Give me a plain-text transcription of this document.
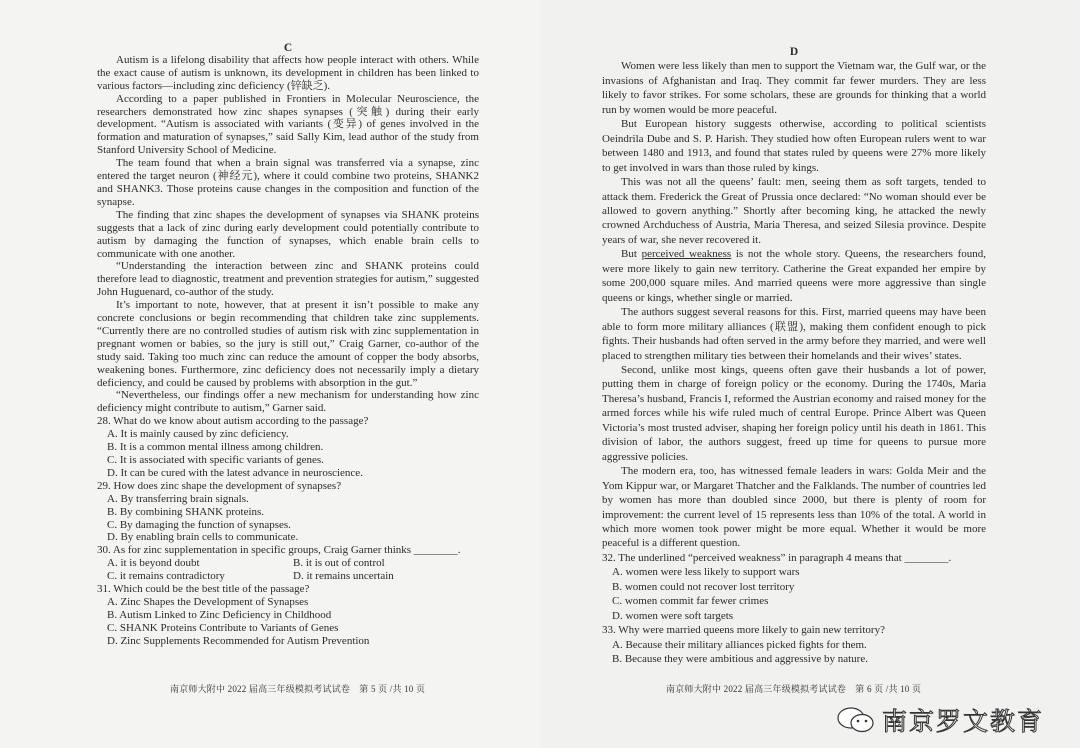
C

Autism is a lifelong disability that affects how people interact with others. While the exact cause of autism is unknown, its development in children has been linked to various factors—including zinc deficiency (锌缺乏).

According to a paper published in Frontiers in Molecular Neuroscience, the researchers demonstrated how zinc shapes synapses (突触) during their early development. “Autism is associated with variants (变异) of genes involved in the formation and maturation of synapses,” said Sally Kim, lead author of the study from Stanford University School of Medicine.

The team found that when a brain signal was transferred via a synapse, zinc entered the target neuron (神经元), where it could combine two proteins, SHANK2 and SHANK3. Those proteins cause changes in the composition and function of the synapse.

The finding that zinc shapes the development of synapses via SHANK proteins suggests that a lack of zinc during early development could potentially contribute to autism by damaging the function of synapses, which enable brain cells to communicate with one another.

“Understanding the interaction between zinc and SHANK proteins could therefore lead to diagnostic, treatment and prevention strategies for autism,” suggested John Huguenard, co-author of the study.

It’s important to note, however, that at present it isn’t possible to make any concrete conclusions or begin recommending that children take zinc supplements. “Currently there are no controlled studies of autism risk with zinc supplementation in pregnant women or babies, so the jury is still out,” Craig Garner, co-author of the study said. Taking too much zinc can reduce the amount of copper the body absorbs, weakening bones. Furthermore, zinc deficiency does not necessarily imply a dietary deficiency, and could be caused by problems with absorption in the gut.”

“Nevertheless, our findings offer a new mechanism for understanding how zinc deficiency might contribute to autism,” Garner said.

28. What do we know about autism according to the passage?

A. It is mainly caused by zinc deficiency.

B. It is a common mental illness among children.

C. It is associated with specific variants of genes.

D. It can be cured with the latest advance in neuroscience.

29. How does zinc shape the development of synapses?

A. By transferring brain signals.

B. By combining SHANK proteins.

C. By damaging the function of synapses.

D. By enabling brain cells to communicate.

30. As for zinc supplementation in specific groups, Craig Garner thinks ________.

A. it is beyond doubt	B. it is out of control
C. it remains contradictory	D. it remains uncertain

31. Which could be the best title of the passage?

A. Zinc Shapes the Development of Synapses

B. Autism Linked to Zinc Deficiency in Childhood

C. SHANK Proteins Contribute to Variants of Genes

D. Zinc Supplements Recommended for Autism Prevention

D

Women were less likely than men to support the Vietnam war, the Gulf war, or the invasions of Afghanistan and Iraq. They commit far fewer murders. They are less likely to favor strikes. For some scholars, these are grounds for thinking that a world run by women would be more peaceful.

But European history suggests otherwise, according to political scientists Oeindrila Dube and S. P. Harish. They studied how often European rulers went to war between 1480 and 1913, and found that states ruled by queens were 27% more likely to get involved in wars than those ruled by kings.

This was not all the queens’ fault: men, seeing them as soft targets, tended to attack them. Frederick the Great of Prussia once declared: “No woman should ever be allowed to govern anything.” Shortly after becoming king, he attacked the newly crowned Archduchess of Austria, Maria Theresa, and seized Silesia province. Despite years of war, she never recovered it.

But perceived weakness is not the whole story. Queens, the researchers found, were more likely to gain new territory. Catherine the Great expanded her empire by some 200,000 square miles. And married queens were more aggressive than single queens or kings, whether single or married.

The authors suggest several reasons for this. First, married queens may have been able to form more military alliances (联盟), making them confident enough to pick fights. Their husbands had often served in the army before they married, and were well placed to strengthen military ties between their homelands and their wives’ states.

Second, unlike most kings, queens often gave their husbands a lot of power, putting them in charge of foreign policy or the economy. During the 1740s, Maria Theresa’s husband, Francis I, reformed the Austrian economy and raised money for the armed forces while his wife ruled much of central Europe. Prince Albert was Queen Victoria’s most trusted adviser, shaping her foreign policy until his death in 1861. This division of labor, the authors suggest, freed up time for queens to pursue more aggressive policies.

The modern era, too, has witnessed female leaders in wars: Golda Meir and the Yom Kippur war, or Margaret Thatcher and the Falklands. The number of countries led by women has more than doubled since 2000, but there is plenty of room for improvement: the current level of 15 represents less than 10% of the total. A world in which more women took power might be more equal. Whether it would be more peaceful is a different question.

32. The underlined “perceived weakness” in paragraph 4 means that ________.

A. women were less likely to support wars

B. women could not recover lost territory

C. women commit far fewer crimes

D. women were soft targets

33. Why were married queens more likely to gain new territory?

A. Because their military alliances picked fights for them.

B. Because they were ambitious and aggressive by nature.

南京师大附中 2022 届高三年级模拟考试试卷　第 5 页 /共 10 页	南京师大附中 2022 届高三年级模拟考试试卷　第 6 页 /共 10 页
南京罗文教育
